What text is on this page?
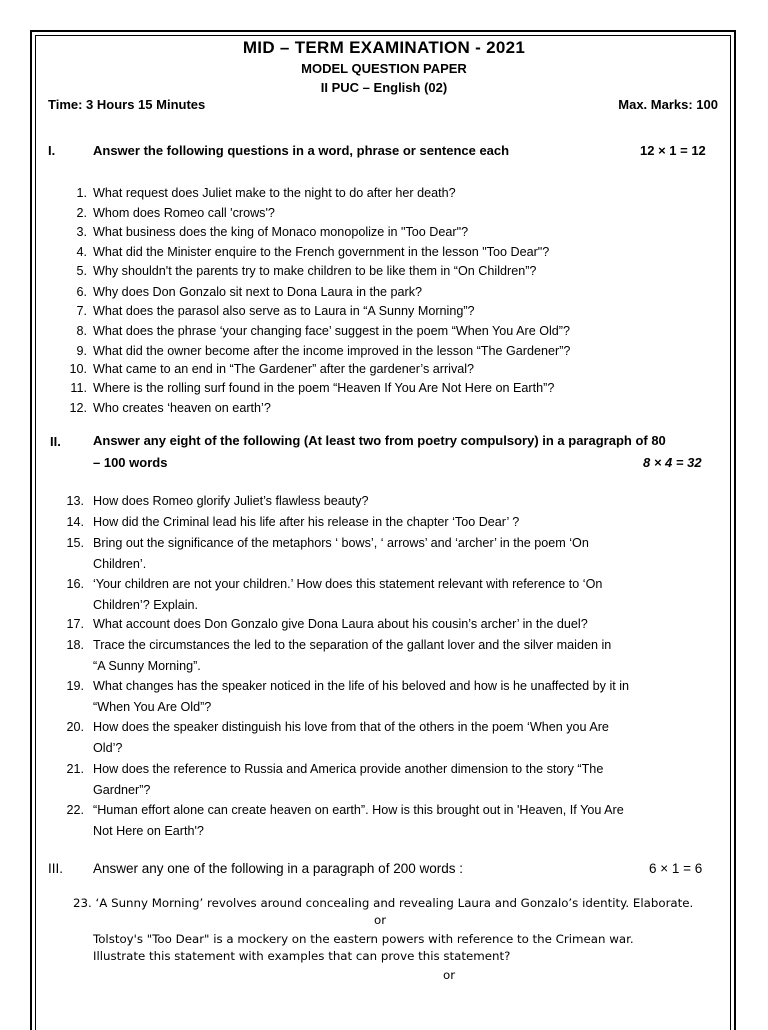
MID – TERM EXAMINATION - 2021
MODEL QUESTION PAPER
II PUC – English (02)
Time: 3 Hours 15 Minutes	Max. Marks: 100
I.	Answer the following questions in a word, phrase or sentence each	12 × 1 = 12
1. What request does Juliet make to the night to do after her death?
2. Whom does Romeo call 'crows'?
3. What business does the king of Monaco monopolize in "Too Dear"?
4. What did the Minister enquire to the French government in the lesson "Too Dear"?
5. Why shouldn't the parents try to make children to be like them in “On Children”?
6. Why does Don Gonzalo sit next to Dona Laura in the park?
7. What does the parasol also serve as to Laura in “A Sunny Morning”?
8. What does the phrase ‘your changing face’ suggest in the poem “When You Are Old”?
9. What did the owner become after the income improved in the lesson “The Gardener”?
10. What came to an end in “The Gardener” after the gardener’s arrival?
11. Where is the rolling surf found in the poem “Heaven If You Are Not Here on Earth”?
12. Who creates ‘heaven on earth’?
II. Answer any eight of the following (At least two from poetry compulsory) in a paragraph of 80
– 100 words	8 × 4 = 32
13. How does Romeo glorify Juliet’s flawless beauty?
14. How did the Criminal lead his life after his release in the chapter ‘Too Dear’ ?
15. Bring out the significance of the metaphors ‘ bows’, ‘ arrows’ and ‘archer’ in the poem ‘On
Children’.
16. ‘Your children are not your children.’ How does this statement relevant with reference to ‘On
Children’? Explain.
17. What account does Don Gonzalo give Dona Laura about his cousin’s archer’ in the duel?
18. Trace the circumstances the led to the separation of the gallant lover and the silver maiden in
“A Sunny Morning”.
19. What changes has the speaker noticed in the life of his beloved and how is he unaffected by it in
“When You Are Old”?
20. How does the speaker distinguish his love from that of the others in the poem ‘When you Are
Old’?
21. How does the reference to Russia and America provide another dimension to the story “The
Gardner”?
22. “Human effort alone can create heaven on earth”. How is this brought out in 'Heaven, If You Are
Not Here on Earth'?
III. Answer any one of the following in a paragraph of 200 words :	6 × 1 = 6
23. ‘A Sunny Morning’ revolves around concealing and revealing Laura and Gonzalo’s identity. Elaborate.
or
Tolstoy's "Too Dear" is a mockery on the eastern powers with reference to the Crimean war.
Illustrate this statement with examples that can prove this statement?
or
